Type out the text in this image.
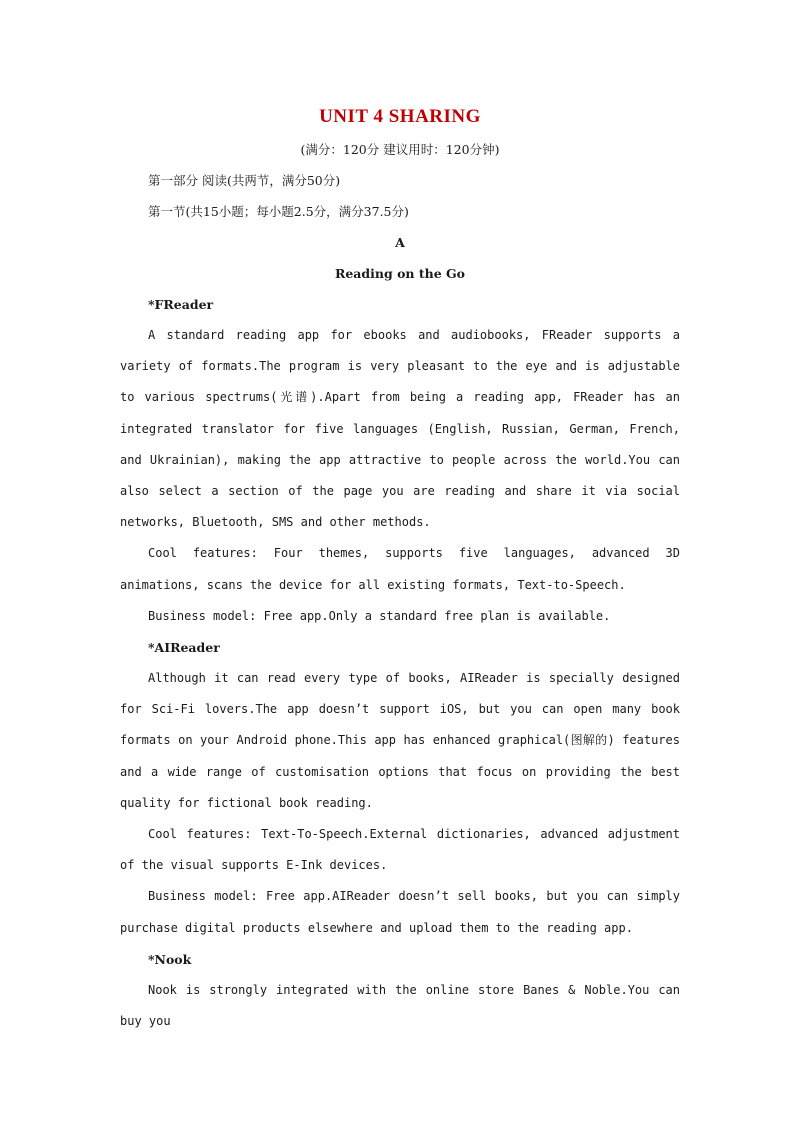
UNIT 4 SHARING
(满分：120分 建议用时：120分钟)
第一部分 阅读(共两节，满分50分)
第一节(共15小题；每小题2.5分，满分37.5分)
A
Reading on the Go
*FReader

A standard reading app for ebooks and audiobooks, FReader supports a variety of formats.The program is very pleasant to the eye and is adjustable to various spectrums(光谱).Apart from being a reading app, FReader has an integrated translator for five languages (English, Russian, German, French, and Ukrainian), making the app attractive to people across the world.You can also select a section of the page you are reading and share it via social networks, Bluetooth, SMS and other methods.

Cool features: Four themes, supports five languages, advanced 3D animations, scans the device for all existing formats, Text-to-Speech.

Business model: Free app.Only a standard free plan is available.

*AIReader

Although it can read every type of books, AIReader is specially designed for Sci-Fi lovers.The app doesn’t support iOS, but you can open many book formats on your Android phone.This app has enhanced graphical(图解的) features and a wide range of customisation options that focus on providing the best quality for fictional book reading.

Cool features: Text-To-Speech.External dictionaries, advanced adjustment of the visual supports E-Ink devices.

Business model: Free app.AIReader doesn’t sell books, but you can simply purchase digital products elsewhere and upload them to the reading app.

*Nook

Nook is strongly integrated with the online store Banes & Noble.You can buy you
